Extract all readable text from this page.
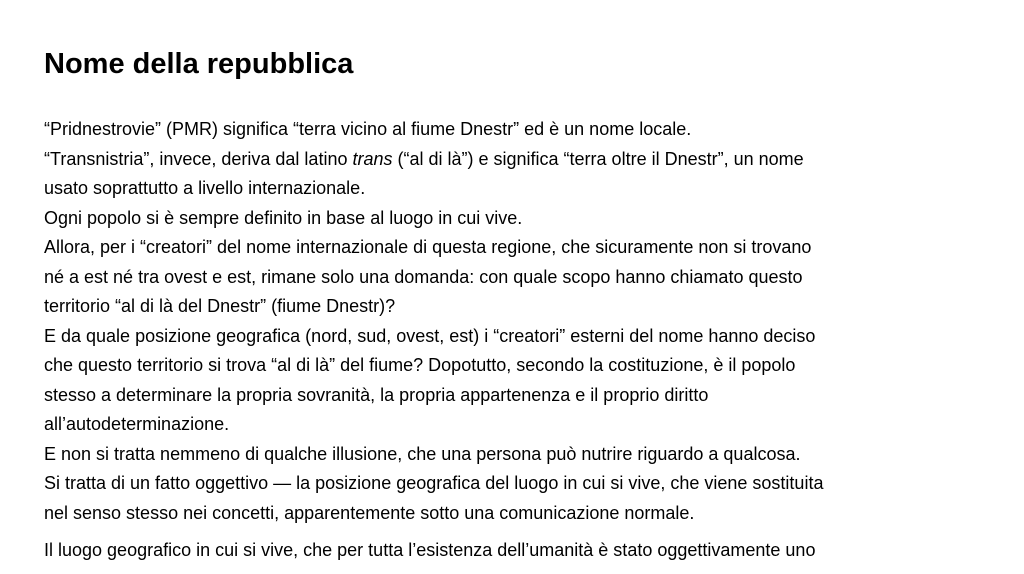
Nome della repubblica
“Pridnestrovie” (PMR) significa “terra vicino al fiume Dnestr” ed è un nome locale.
“Transnistria”, invece, deriva dal latino trans (“al di là”) e significa “terra oltre il Dnestr”, un nome
usato soprattutto a livello internazionale.
Ogni popolo si è sempre definito in base al luogo in cui vive.
Allora, per i “creatori” del nome internazionale di questa regione, che sicuramente non si trovano
né a est né tra ovest e est, rimane solo una domanda: con quale scopo hanno chiamato questo
territorio “al di là del Dnestr” (fiume Dnestr)?
E da quale posizione geografica (nord, sud, ovest, est) i “creatori” esterni del nome hanno deciso
che questo territorio si trova “al di là” del fiume? Dopotutto, secondo la costituzione, è il popolo
stesso a determinare la propria sovranità, la propria appartenenza e il proprio diritto
all’autodeterminazione.
E non si tratta nemmeno di qualche illusione, che una persona può nutrire riguardo a qualcosa.
Si tratta di un fatto oggettivo — la posizione geografica del luogo in cui si vive, che viene sostituita
nel senso stesso nei concetti, apparentemente sotto una comunicazione normale.
Il luogo geografico in cui si vive, che per tutta l’esistenza dell’umanità è stato oggettivamente uno
